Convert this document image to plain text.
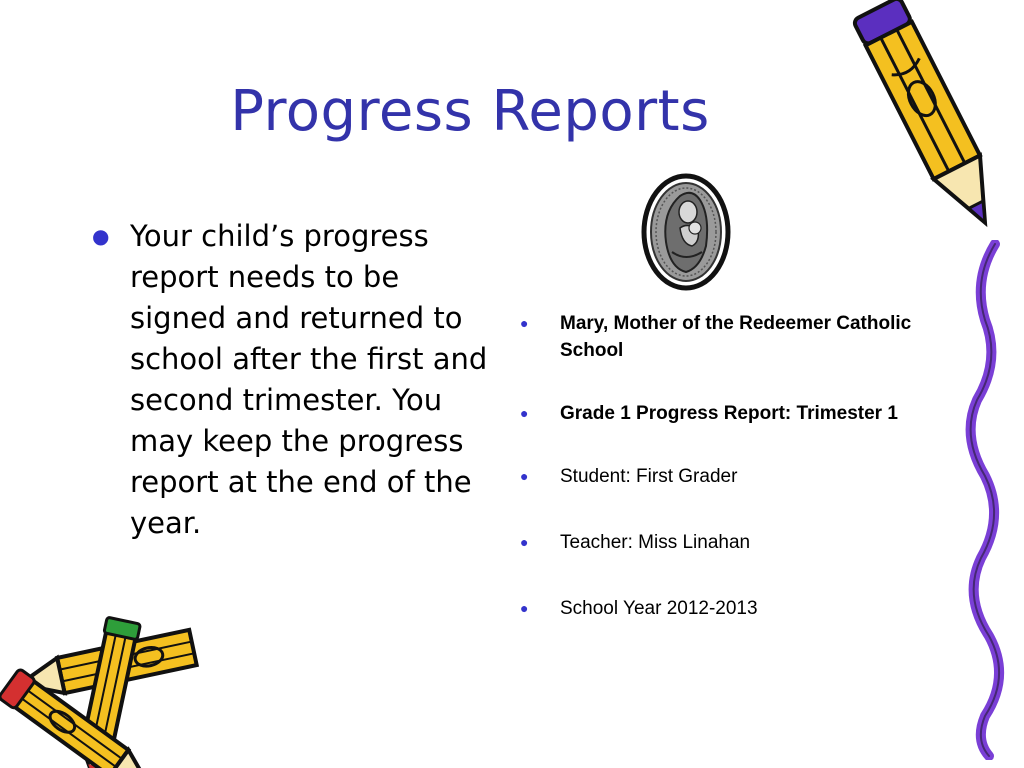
Progress Reports
● Your child’s progress report needs to be signed and returned to school after the first and second trimester. You may keep the progress report at the end of the year.
● Mary, Mother of the Redeemer Catholic School
● Grade 1 Progress Report: Trimester 1
● Student: First Grader
● Teacher: Miss Linahan
● School Year 2012-2013
